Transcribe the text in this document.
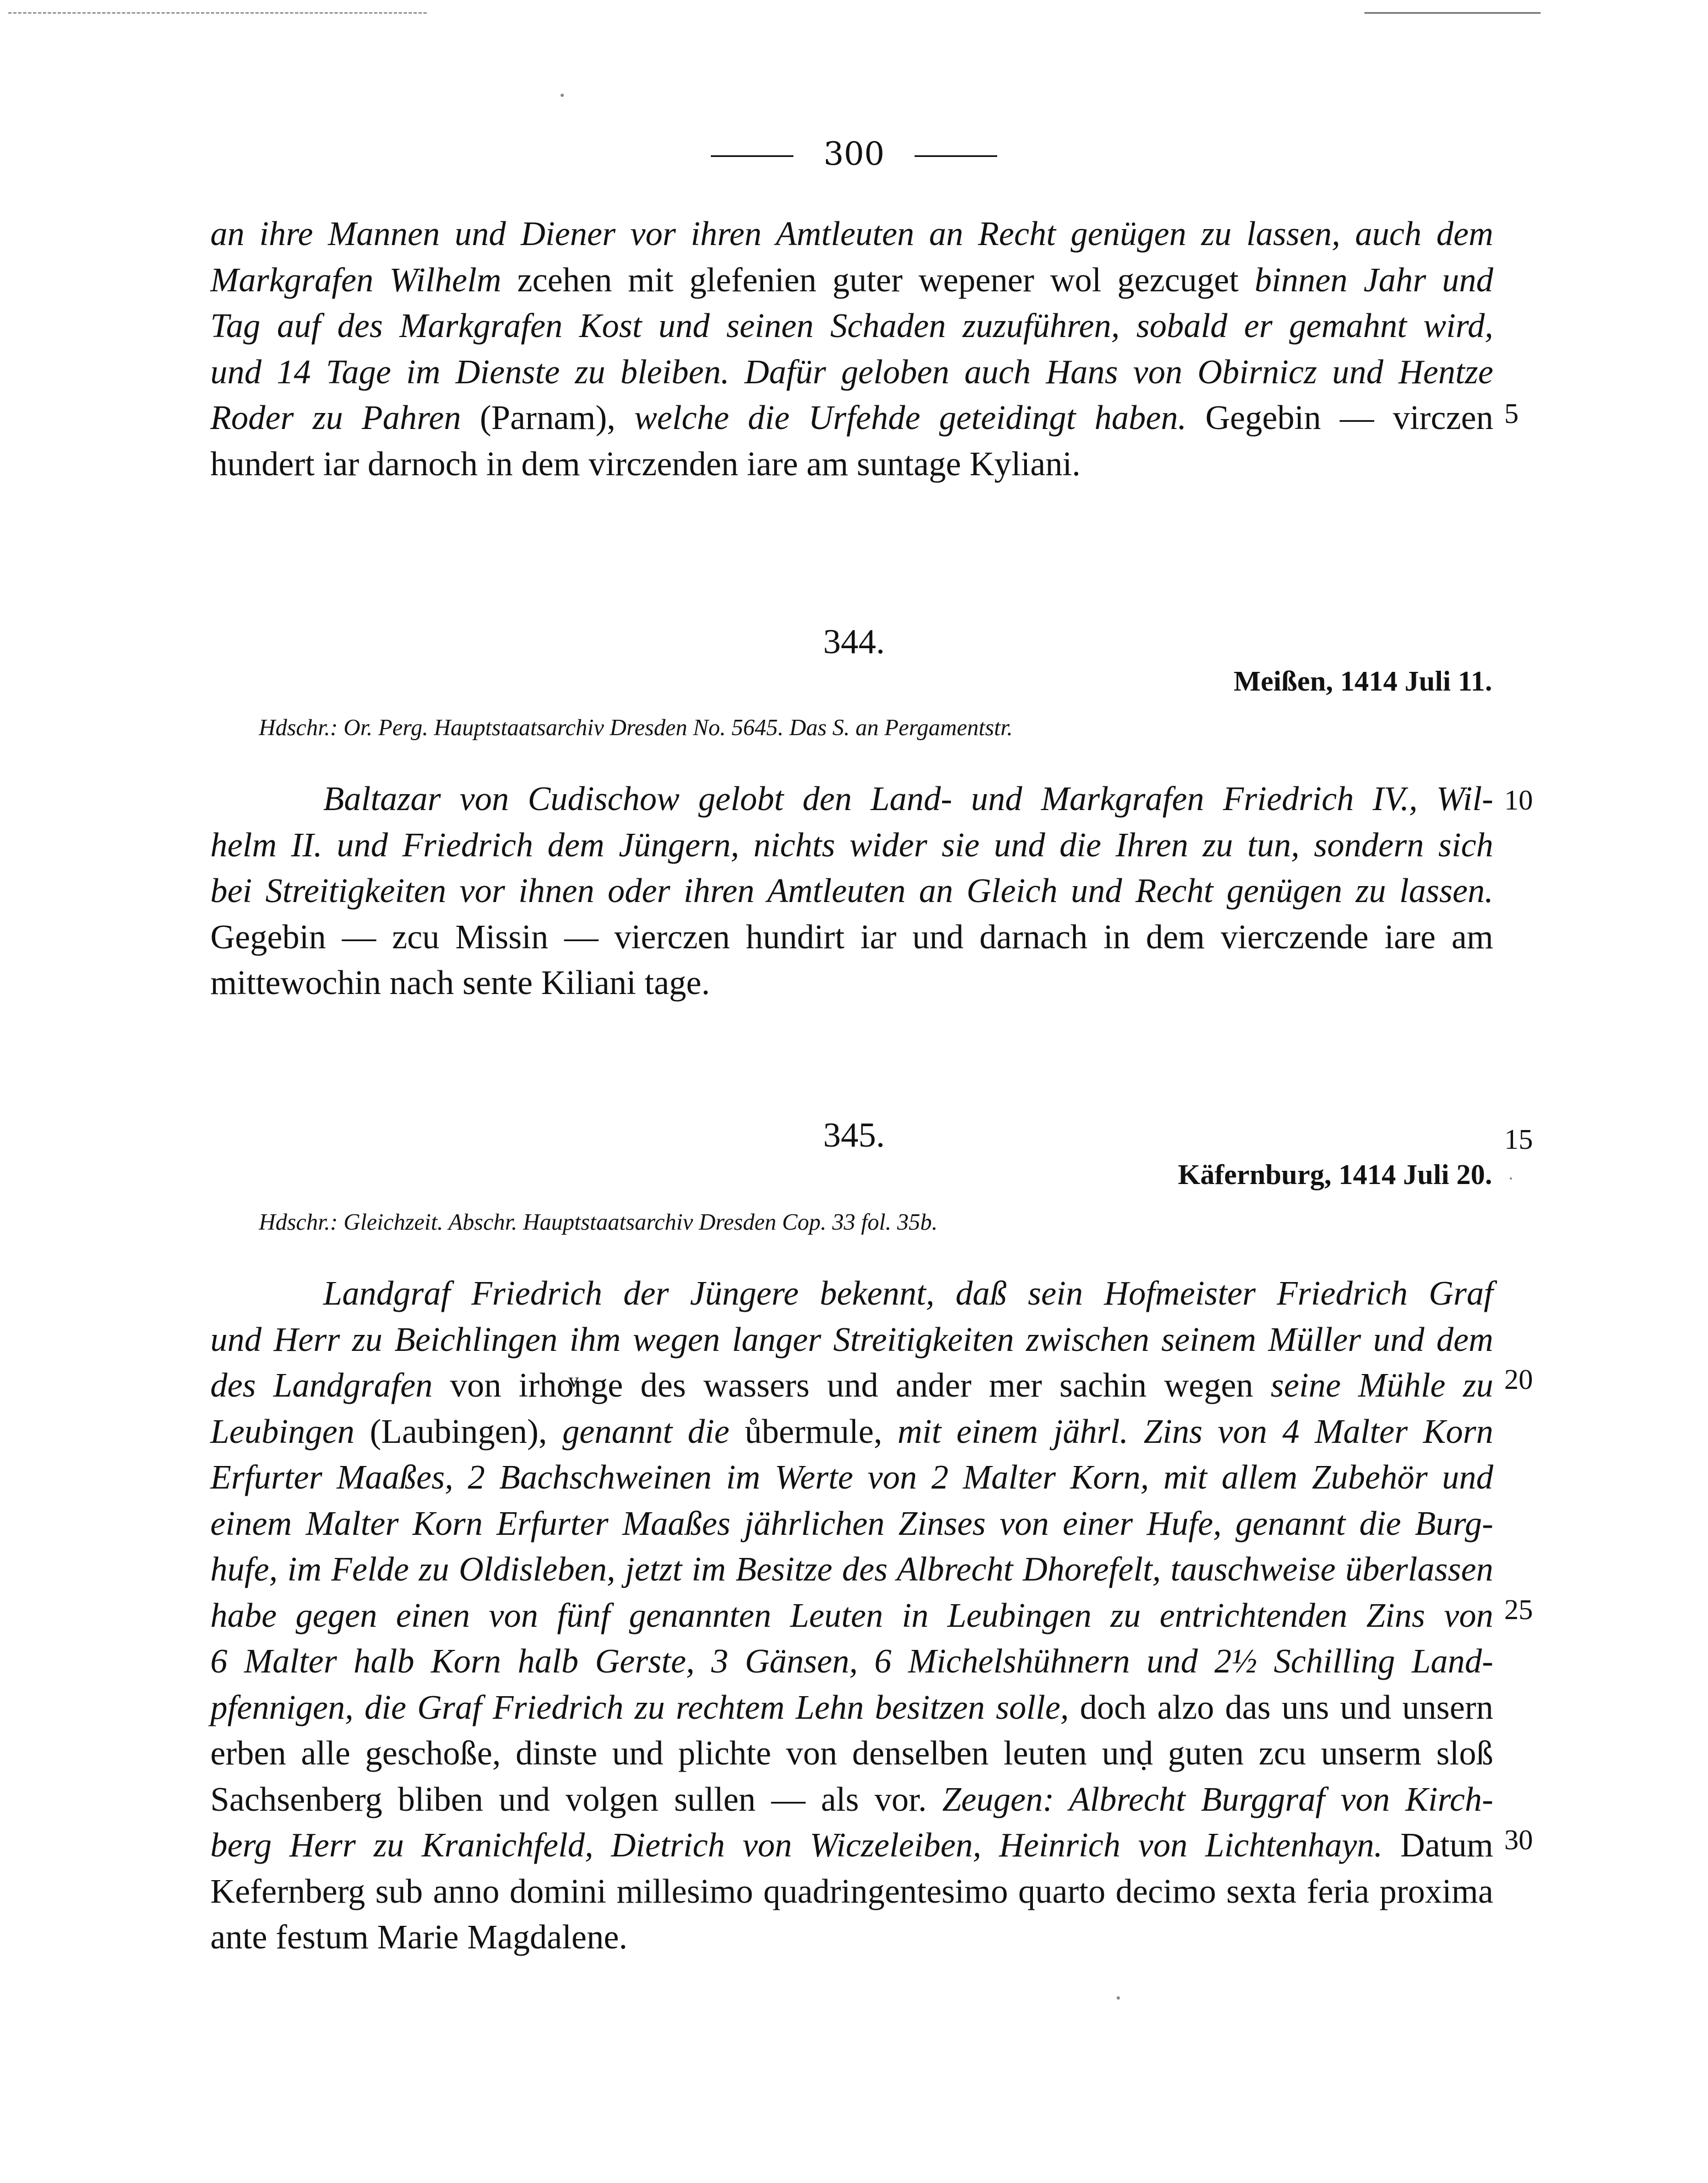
300
an ihre Mannen und Diener vor ihren Amtleuten an Recht genügen zu lassen, auch dem
Markgrafen Wilhelm zcehen mit glefenien guter wepener wol gezcuget binnen Jahr und
Tag auf des Markgrafen Kost und seinen Schaden zuzuführen, sobald er gemahnt wird,
und 14 Tage im Dienste zu bleiben. Dafür geloben auch Hans von Obirnicz und Hentze
Roder zu Pahren (Parnam), welche die Urfehde geteidingt haben. Gegebin — virczen
hundert iar darnoch in dem virczenden iare am suntage Kyliani.
344.
Meißen, 1414 Juli 11.
Hdschr.: Or. Perg. Hauptstaatsarchiv Dresden No. 5645. Das S. an Pergamentstr.
Baltazar von Cudischow gelobt den Land- und Markgrafen Friedrich IV., Wil-
helm II. und Friedrich dem Jüngern, nichts wider sie und die Ihren zu tun, sondern sich
bei Streitigkeiten vor ihnen oder ihren Amtleuten an Gleich und Recht genügen zu lassen.
Gegebin — zcu Missin — vierczen hundirt iar und darnach in dem vierczende iare am
mittewochin nach sente Kiliani tage.
345.
Käfernburg, 1414 Juli 20.
Hdschr.: Gleichzeit. Abschr. Hauptstaatsarchiv Dresden Cop. 33 fol. 35b.
Landgraf Friedrich der Jüngere bekennt, daß sein Hofmeister Friedrich Graf
und Herr zu Beichlingen ihm wegen langer Streitigkeiten zwischen seinem Müller und dem
des Landgrafen von irhoͮnge des wassers und ander mer sachin wegen seine Mühle zu
Leubingen (Laubingen), genannt die ůbermule, mit einem jährl. Zins von 4 Malter Korn
Erfurter Maaßes, 2 Bachschweinen im Werte von 2 Malter Korn, mit allem Zubehör und
einem Malter Korn Erfurter Maaßes jährlichen Zinses von einer Hufe, genannt die Burg-
hufe, im Felde zu Oldisleben, jetzt im Besitze des Albrecht Dhorefelt, tauschweise überlassen
habe gegen einen von fünf genannten Leuten in Leubingen zu entrichtenden Zins von
6 Malter halb Korn halb Gerste, 3 Gänsen, 6 Michelshühnern und 2½ Schilling Land-
pfennigen, die Graf Friedrich zu rechtem Lehn besitzen solle, doch alzo das uns und unsern
erben alle geschoße, dinste und plichte von denselben leuten unḍ guten zcu unserm sloß
Sachsenberg bliben und volgen sullen — als vor. Zeugen: Albrecht Burggraf von Kirch-
berg Herr zu Kranichfeld, Dietrich von Wiczeleiben, Heinrich von Lichtenhayn. Datum
Kefernberg sub anno domini millesimo quadringentesimo quarto decimo sexta feria proxima
ante festum Marie Magdalene.
5
10
15
20
25
30
